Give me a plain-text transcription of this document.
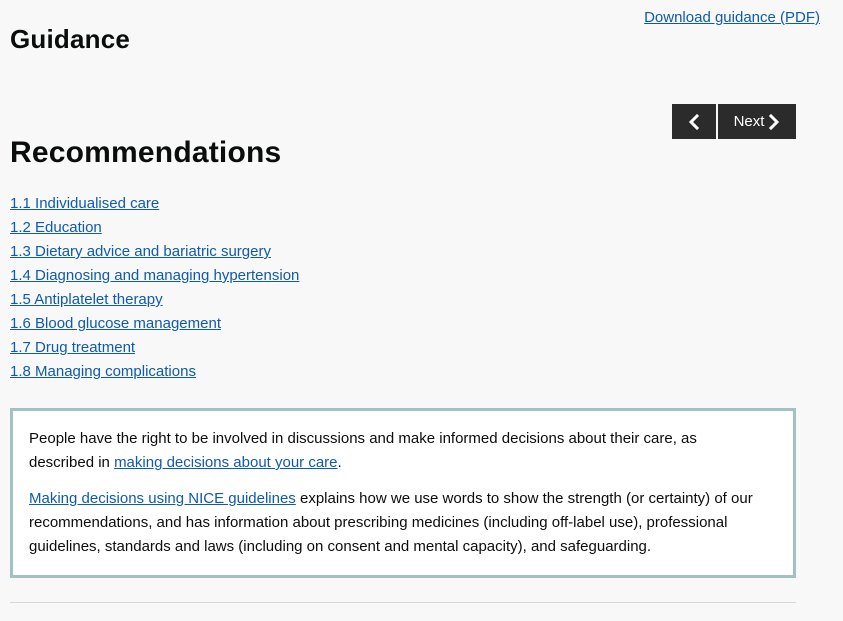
Download guidance (PDF)
Guidance
Next
Recommendations
1.1 Individualised care
1.2 Education
1.3 Dietary advice and bariatric surgery
1.4 Diagnosing and managing hypertension
1.5 Antiplatelet therapy
1.6 Blood glucose management
1.7 Drug treatment
1.8 Managing complications

People have the right to be involved in discussions and make informed decisions about their care, as described in making decisions about your care.

Making decisions using NICE guidelines explains how we use words to show the strength (or certainty) of our recommendations, and has information about prescribing medicines (including off-label use), professional guidelines, standards and laws (including on consent and mental capacity), and safeguarding.
